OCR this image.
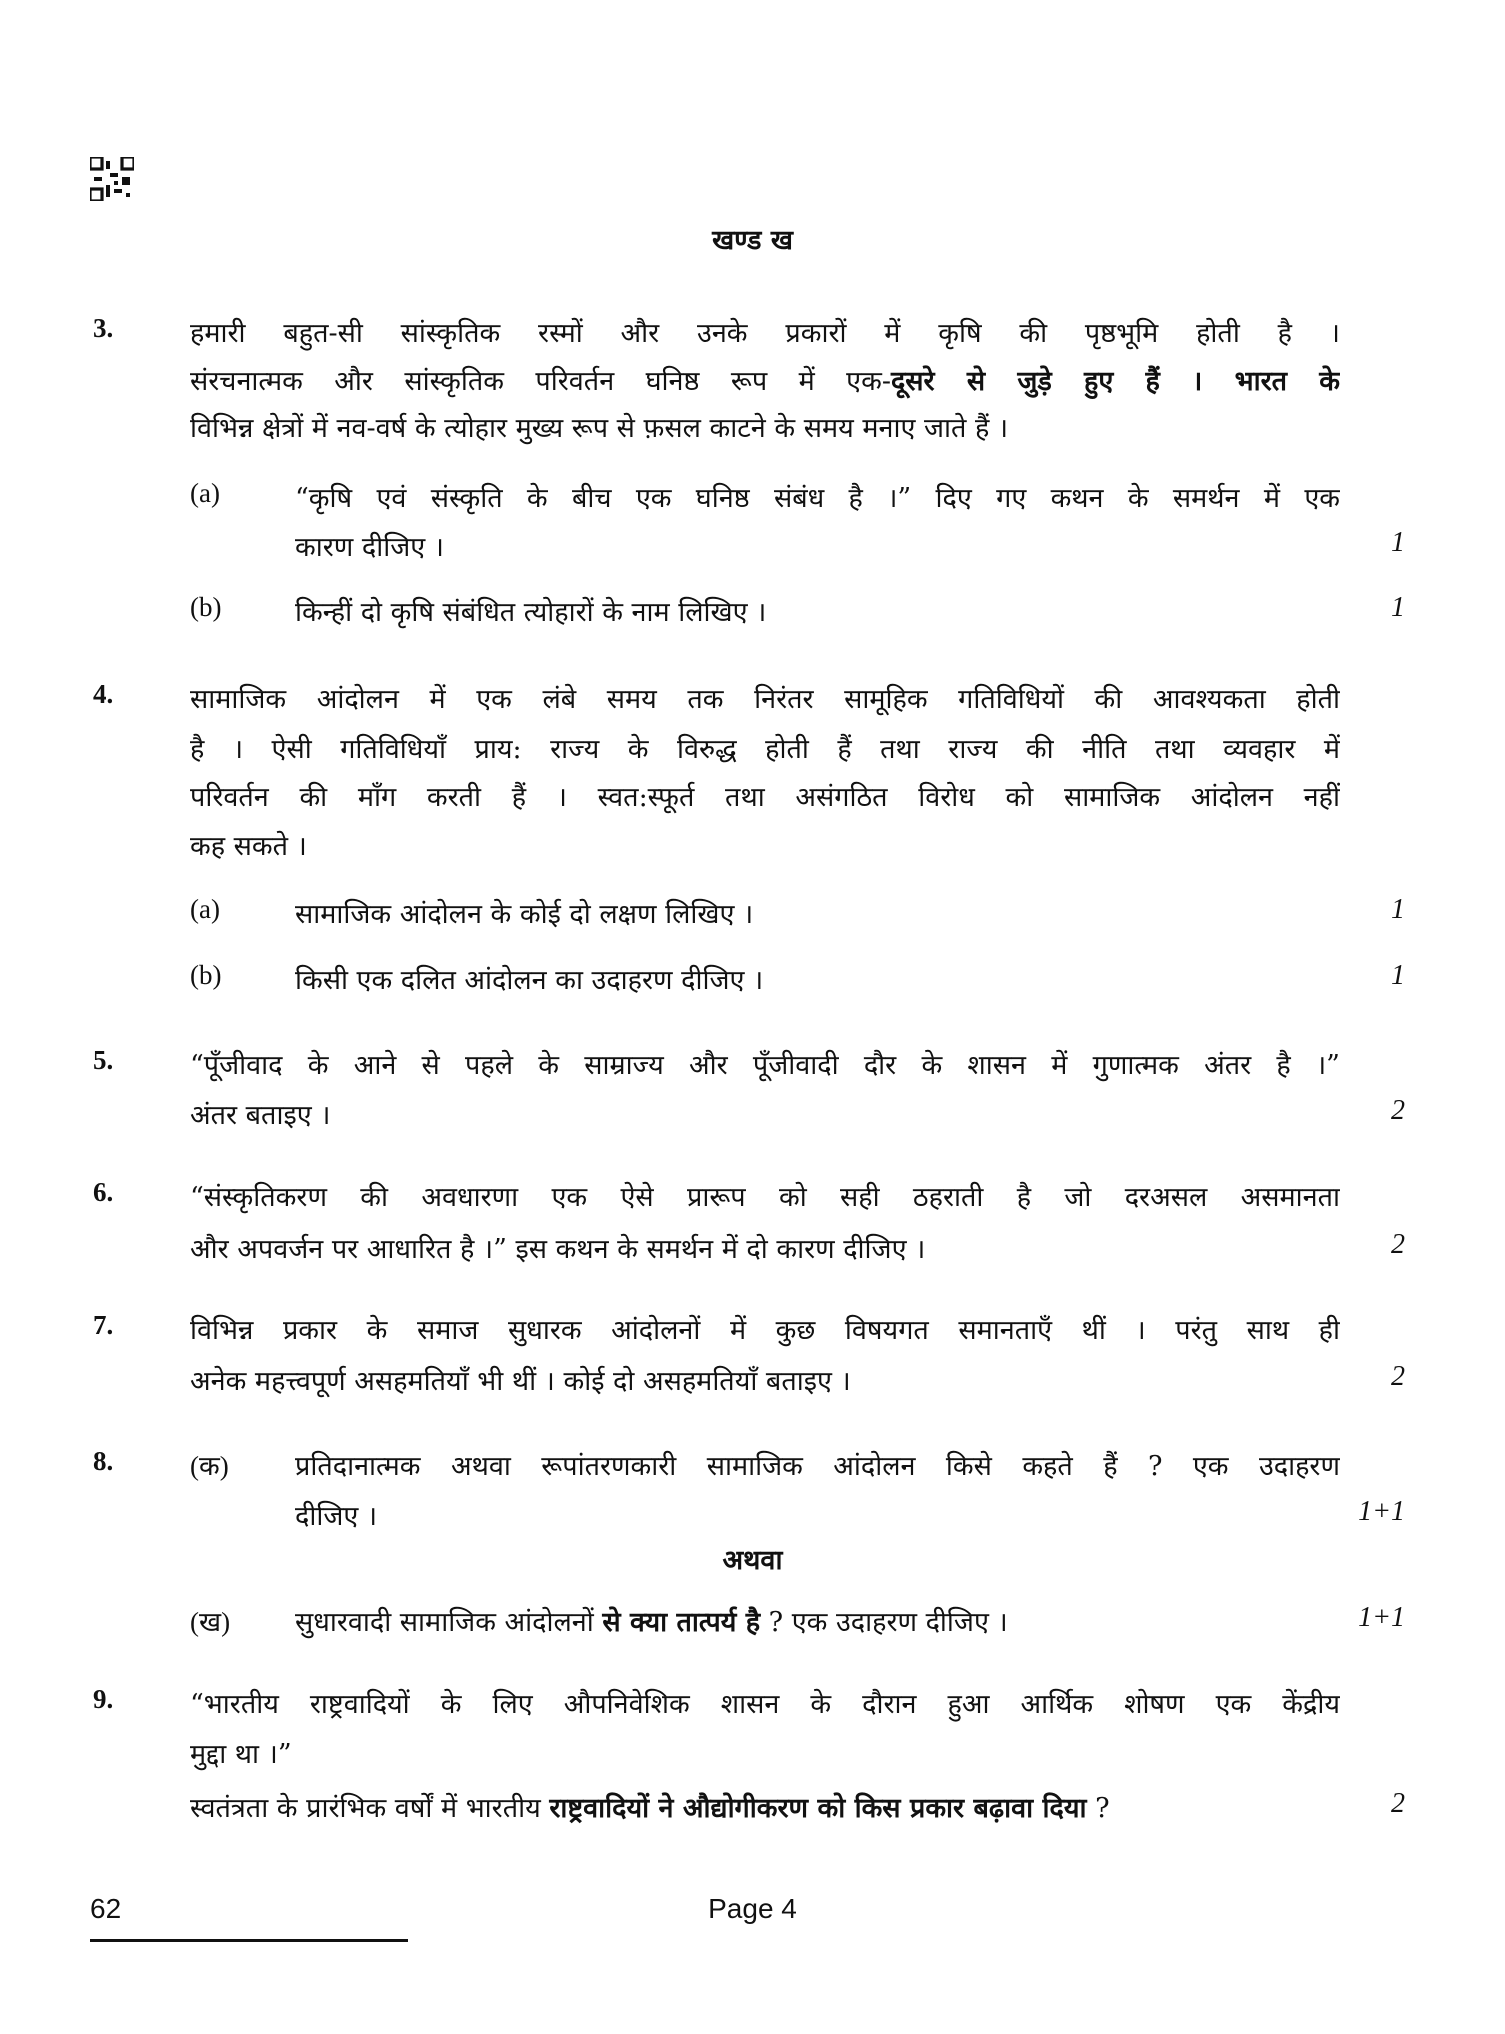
खण्ड ख
3.	हमारी बहुत-सी सांस्कृतिक रस्मों और उनके प्रकारों में कृषि की पृष्ठभूमि होती है ।
संरचनात्मक और सांस्कृतिक परिवर्तन घनिष्ठ रूप में एक-दूसरे से जुड़े हुए हैं । भारत के
विभिन्न क्षेत्रों में नव-वर्ष के त्योहार मुख्य रूप से फ़सल काटने के समय मनाए जाते हैं ।
(a)	“कृषि एवं संस्कृति के बीच एक घनिष्ठ संबंध है ।” दिए गए कथन के समर्थन में एक
कारण दीजिए ।	1
(b)	किन्हीं दो कृषि संबंधित त्योहारों के नाम लिखिए ।	1
4.	सामाजिक आंदोलन में एक लंबे समय तक निरंतर सामूहिक गतिविधियों की आवश्यकता होती
है । ऐसी गतिविधियाँ प्राय: राज्य के विरुद्ध होती हैं तथा राज्य की नीति तथा व्यवहार में
परिवर्तन की माँग करती हैं । स्वत:स्फूर्त तथा असंगठित विरोध को सामाजिक आंदोलन नहीं
कह सकते ।
(a)	सामाजिक आंदोलन के कोई दो लक्षण लिखिए ।	1
(b)	किसी एक दलित आंदोलन का उदाहरण दीजिए ।	1
5.	“पूँजीवाद के आने से पहले के साम्राज्य और पूँजीवादी दौर के शासन में गुणात्मक अंतर है ।”
अंतर बताइए ।	2
6.	“संस्कृतिकरण की अवधारणा एक ऐसे प्रारूप को सही ठहराती है जो दरअसल असमानता
और अपवर्जन पर आधारित है ।” इस कथन के समर्थन में दो कारण दीजिए ।	2
7.	विभिन्न प्रकार के समाज सुधारक आंदोलनों में कुछ विषयगत समानताएँ थीं । परंतु साथ ही
अनेक महत्त्वपूर्ण असहमतियाँ भी थीं । कोई दो असहमतियाँ बताइए ।	2
8.	(क) प्रतिदानात्मक अथवा रूपांतरणकारी सामाजिक आंदोलन किसे कहते हैं ? एक उदाहरण
दीजिए ।	1+1
अथवा
(ख) सुधारवादी सामाजिक आंदोलनों से क्या तात्पर्य है ? एक उदाहरण दीजिए ।	1+1
9.	“भारतीय राष्ट्रवादियों के लिए औपनिवेशिक शासन के दौरान हुआ आर्थिक शोषण एक केंद्रीय
मुद्दा था ।”
स्वतंत्रता के प्रारंभिक वर्षों में भारतीय राष्ट्रवादियों ने औद्योगीकरण को किस प्रकार बढ़ावा दिया ?	2
62	Page 4
